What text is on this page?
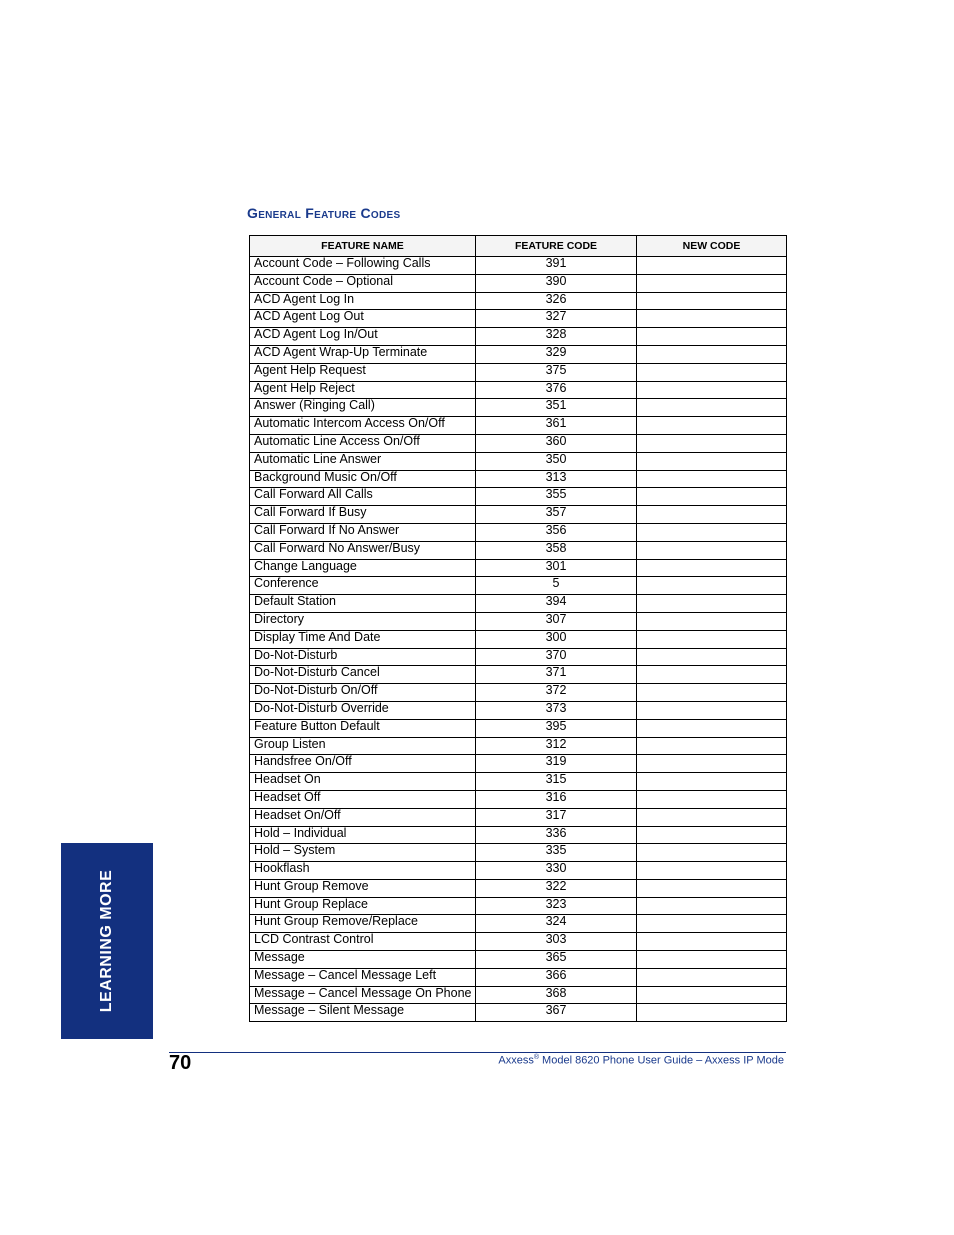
General Feature Codes
FEATURE NAME	FEATURE CODE	NEW CODE
Account Code – Following Calls	391	
Account Code – Optional	390	
ACD Agent Log In	326	
ACD Agent Log Out	327	
ACD Agent Log In/Out	328	
ACD Agent Wrap-Up Terminate	329	
Agent Help Request	375	
Agent Help Reject	376	
Answer (Ringing Call)	351	
Automatic Intercom Access On/Off	361	
Automatic Line Access On/Off	360	
Automatic Line Answer	350	
Background Music On/Off	313	
Call Forward All Calls	355	
Call Forward If Busy	357	
Call Forward If No Answer	356	
Call Forward No Answer/Busy	358	
Change Language	301	
Conference	5	
Default Station	394	
Directory	307	
Display Time And Date	300	
Do-Not-Disturb	370	
Do-Not-Disturb Cancel	371	
Do-Not-Disturb On/Off	372	
Do-Not-Disturb Override	373	
Feature Button Default	395	
Group Listen	312	
Handsfree On/Off	319	
Headset On	315	
Headset Off	316	
Headset On/Off	317	
Hold – Individual	336	
Hold – System	335	
Hookflash	330	
Hunt Group Remove	322	
Hunt Group Replace	323	
Hunt Group Remove/Replace	324	
LCD Contrast Control	303	
Message	365	
Message – Cancel Message Left	366	
Message – Cancel Message On Phone	368	
Message – Silent Message	367	
LEARNING MORE
70	Axxess® Model 8620 Phone User Guide – Axxess IP Mode
